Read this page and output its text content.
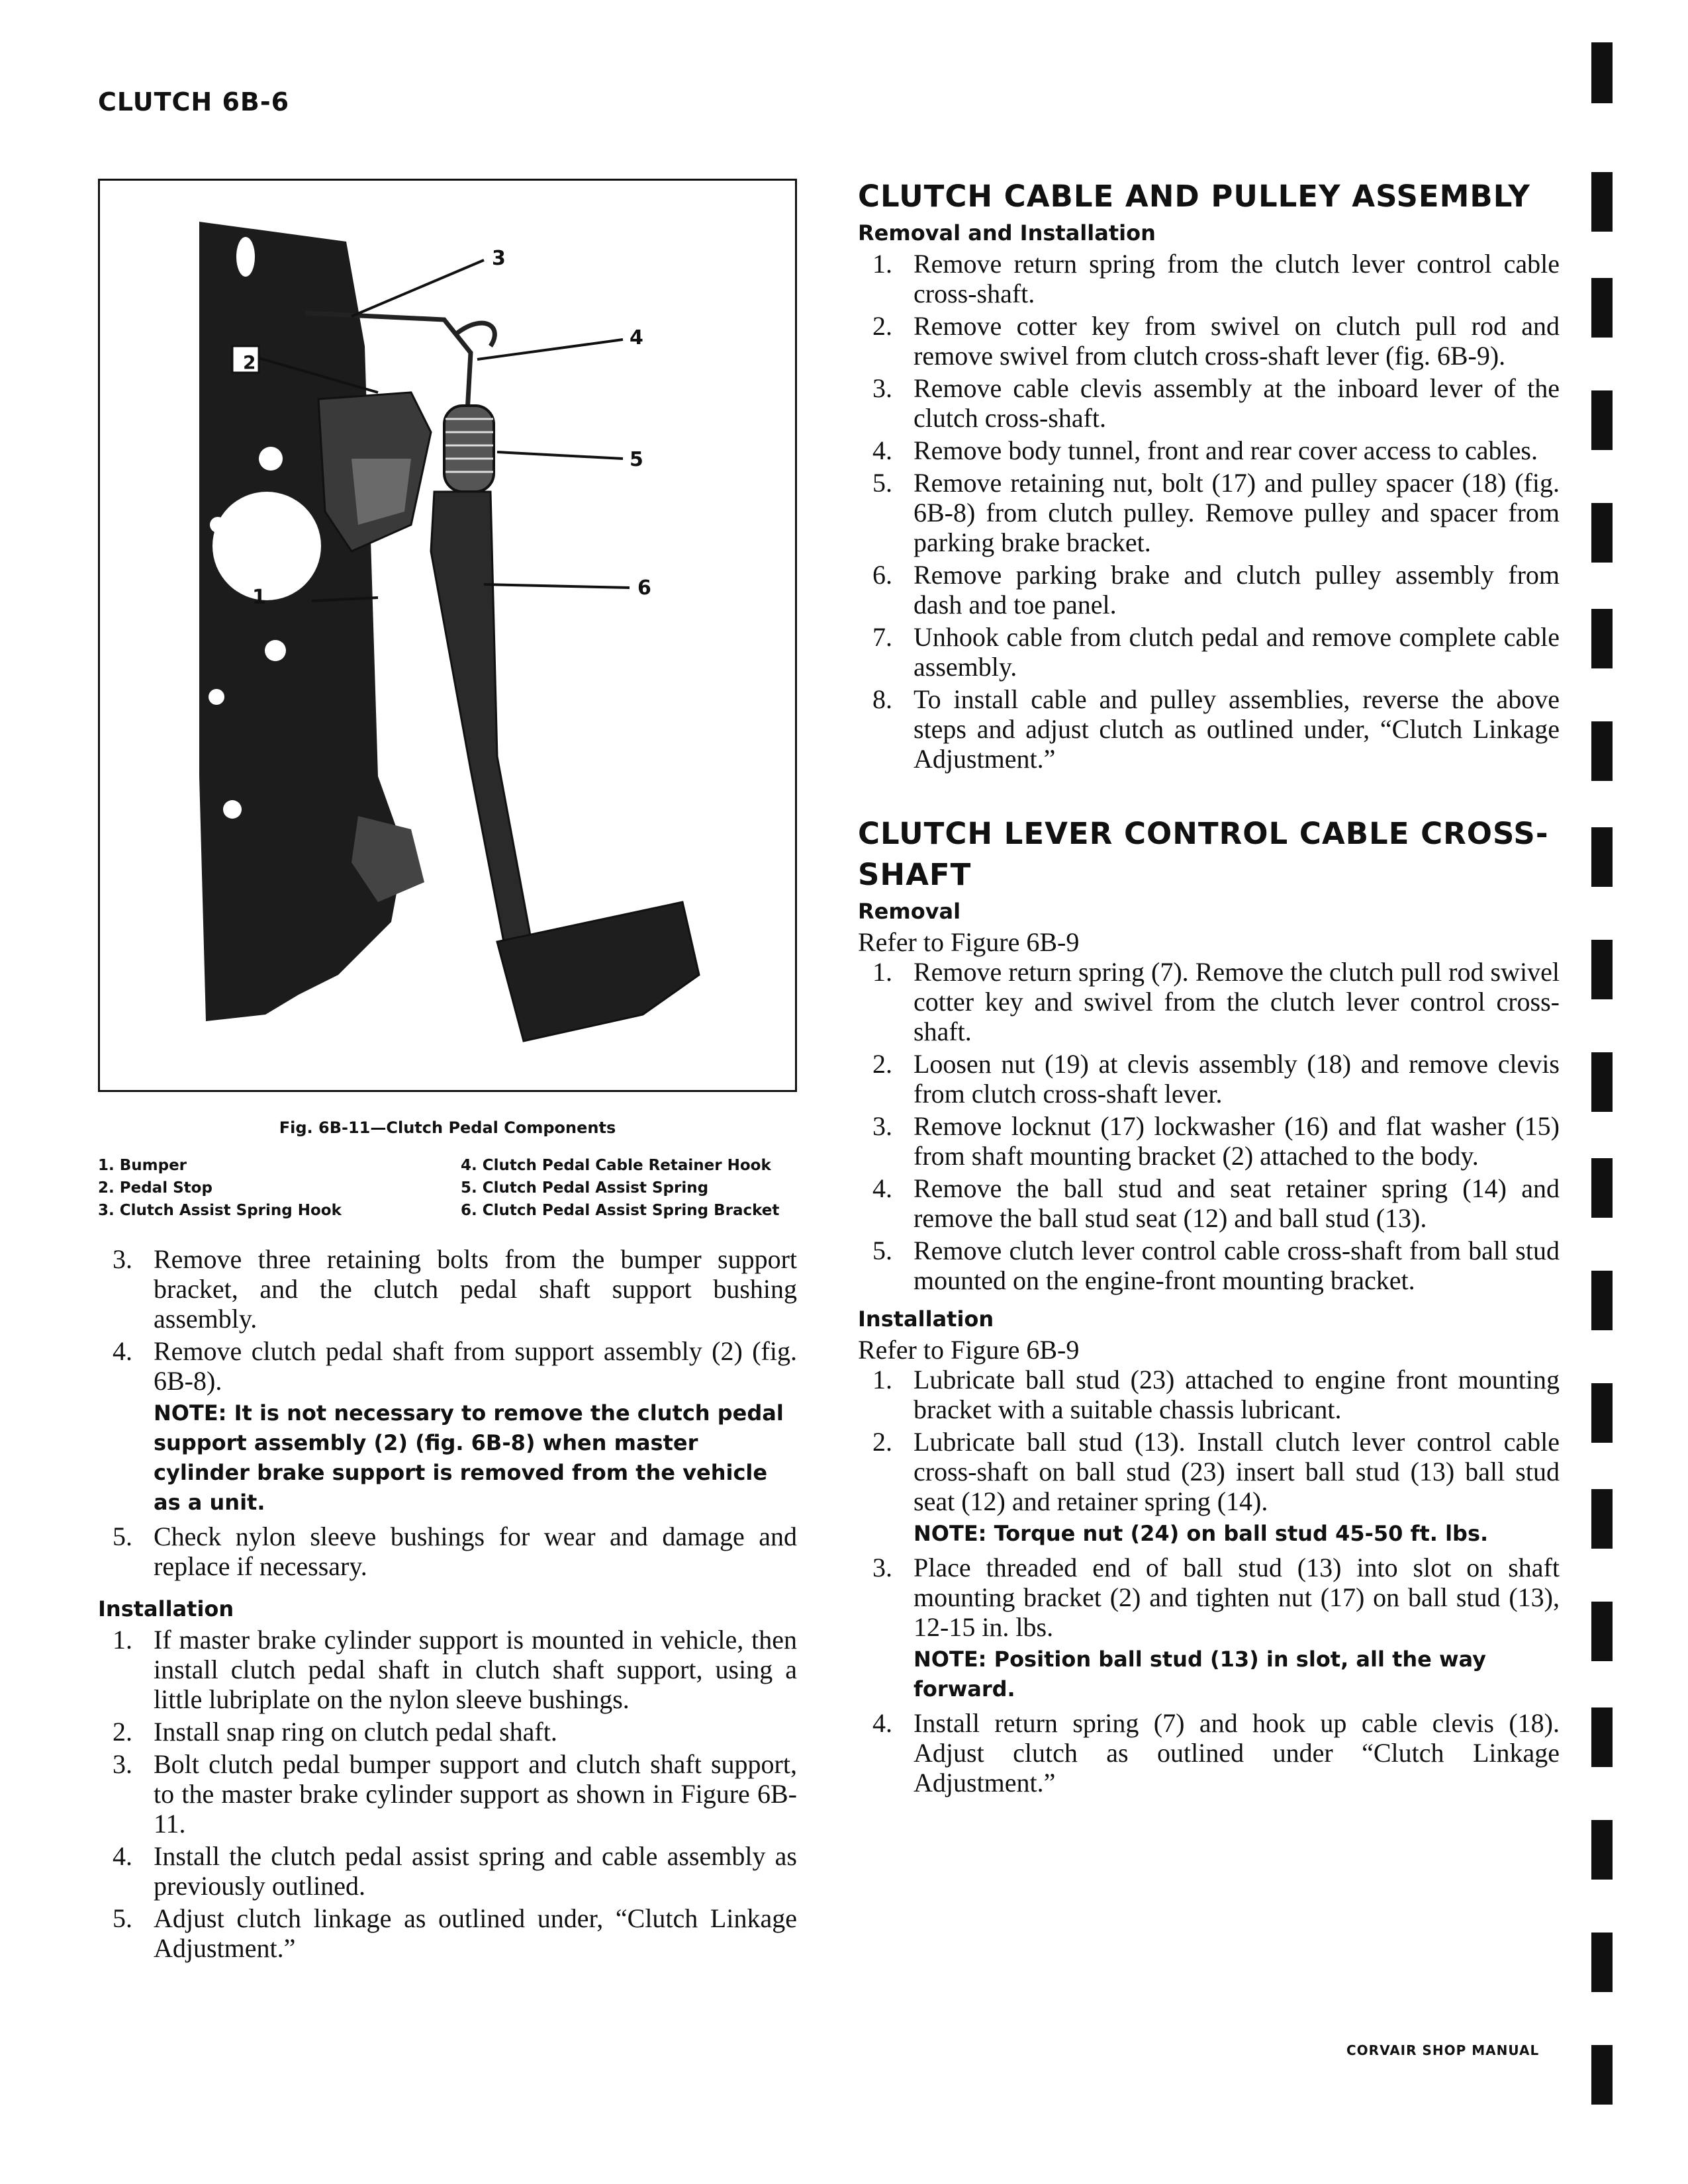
CLUTCH 6B-6
2
1
3
4
5
6
Fig. 6B-11—Clutch Pedal Components
1. Bumper
2. Pedal Stop
3. Clutch Assist Spring Hook
4. Clutch Pedal Cable Retainer Hook
5. Clutch Pedal Assist Spring
6. Clutch Pedal Assist Spring Bracket
3. Remove three retaining bolts from the bumper support bracket, and the clutch pedal shaft support bushing assembly.
4. Remove clutch pedal shaft from support assembly (2) (fig. 6B-8).
NOTE: It is not necessary to remove the clutch pedal support assembly (2) (fig. 6B-8) when master cylinder brake support is removed from the vehicle as a unit.
5. Check nylon sleeve bushings for wear and damage and replace if necessary.
Installation
1. If master brake cylinder support is mounted in vehicle, then install clutch pedal shaft in clutch shaft support, using a little lubriplate on the nylon sleeve bushings.
2. Install snap ring on clutch pedal shaft.
3. Bolt clutch pedal bumper support and clutch shaft support, to the master brake cylinder support as shown in Figure 6B-11.
4. Install the clutch pedal assist spring and cable assembly as previously outlined.
5. Adjust clutch linkage as outlined under, “Clutch Linkage Adjustment.”
CLUTCH CABLE AND PULLEY ASSEMBLY
Removal and Installation
1. Remove return spring from the clutch lever control cable cross-shaft.
2. Remove cotter key from swivel on clutch pull rod and remove swivel from clutch cross-shaft lever (fig. 6B-9).
3. Remove cable clevis assembly at the inboard lever of the clutch cross-shaft.
4. Remove body tunnel, front and rear cover access to cables.
5. Remove retaining nut, bolt (17) and pulley spacer (18) (fig. 6B-8) from clutch pulley. Remove pulley and spacer from parking brake bracket.
6. Remove parking brake and clutch pulley assembly from dash and toe panel.
7. Unhook cable from clutch pedal and remove complete cable assembly.
8. To install cable and pulley assemblies, reverse the above steps and adjust clutch as outlined under, “Clutch Linkage Adjustment.”
CLUTCH LEVER CONTROL CABLE CROSS-SHAFT
Removal
Refer to Figure 6B-9
1. Remove return spring (7). Remove the clutch pull rod swivel cotter key and swivel from the clutch lever control cross-shaft.
2. Loosen nut (19) at clevis assembly (18) and remove clevis from clutch cross-shaft lever.
3. Remove locknut (17) lockwasher (16) and flat washer (15) from shaft mounting bracket (2) attached to the body.
4. Remove the ball stud and seat retainer spring (14) and remove the ball stud seat (12) and ball stud (13).
5. Remove clutch lever control cable cross-shaft from ball stud mounted on the engine-front mounting bracket.
Installation
Refer to Figure 6B-9
1. Lubricate ball stud (23) attached to engine front mounting bracket with a suitable chassis lubricant.
2. Lubricate ball stud (13). Install clutch lever control cable cross-shaft on ball stud (23) insert ball stud (13) ball stud seat (12) and retainer spring (14).
NOTE: Torque nut (24) on ball stud 45-50 ft. lbs.
3. Place threaded end of ball stud (13) into slot on shaft mounting bracket (2) and tighten nut (17) on ball stud (13), 12-15 in. lbs.
NOTE: Position ball stud (13) in slot, all the way forward.
4. Install return spring (7) and hook up cable clevis (18). Adjust clutch as outlined under “Clutch Linkage Adjustment.”
CORVAIR SHOP MANUAL
